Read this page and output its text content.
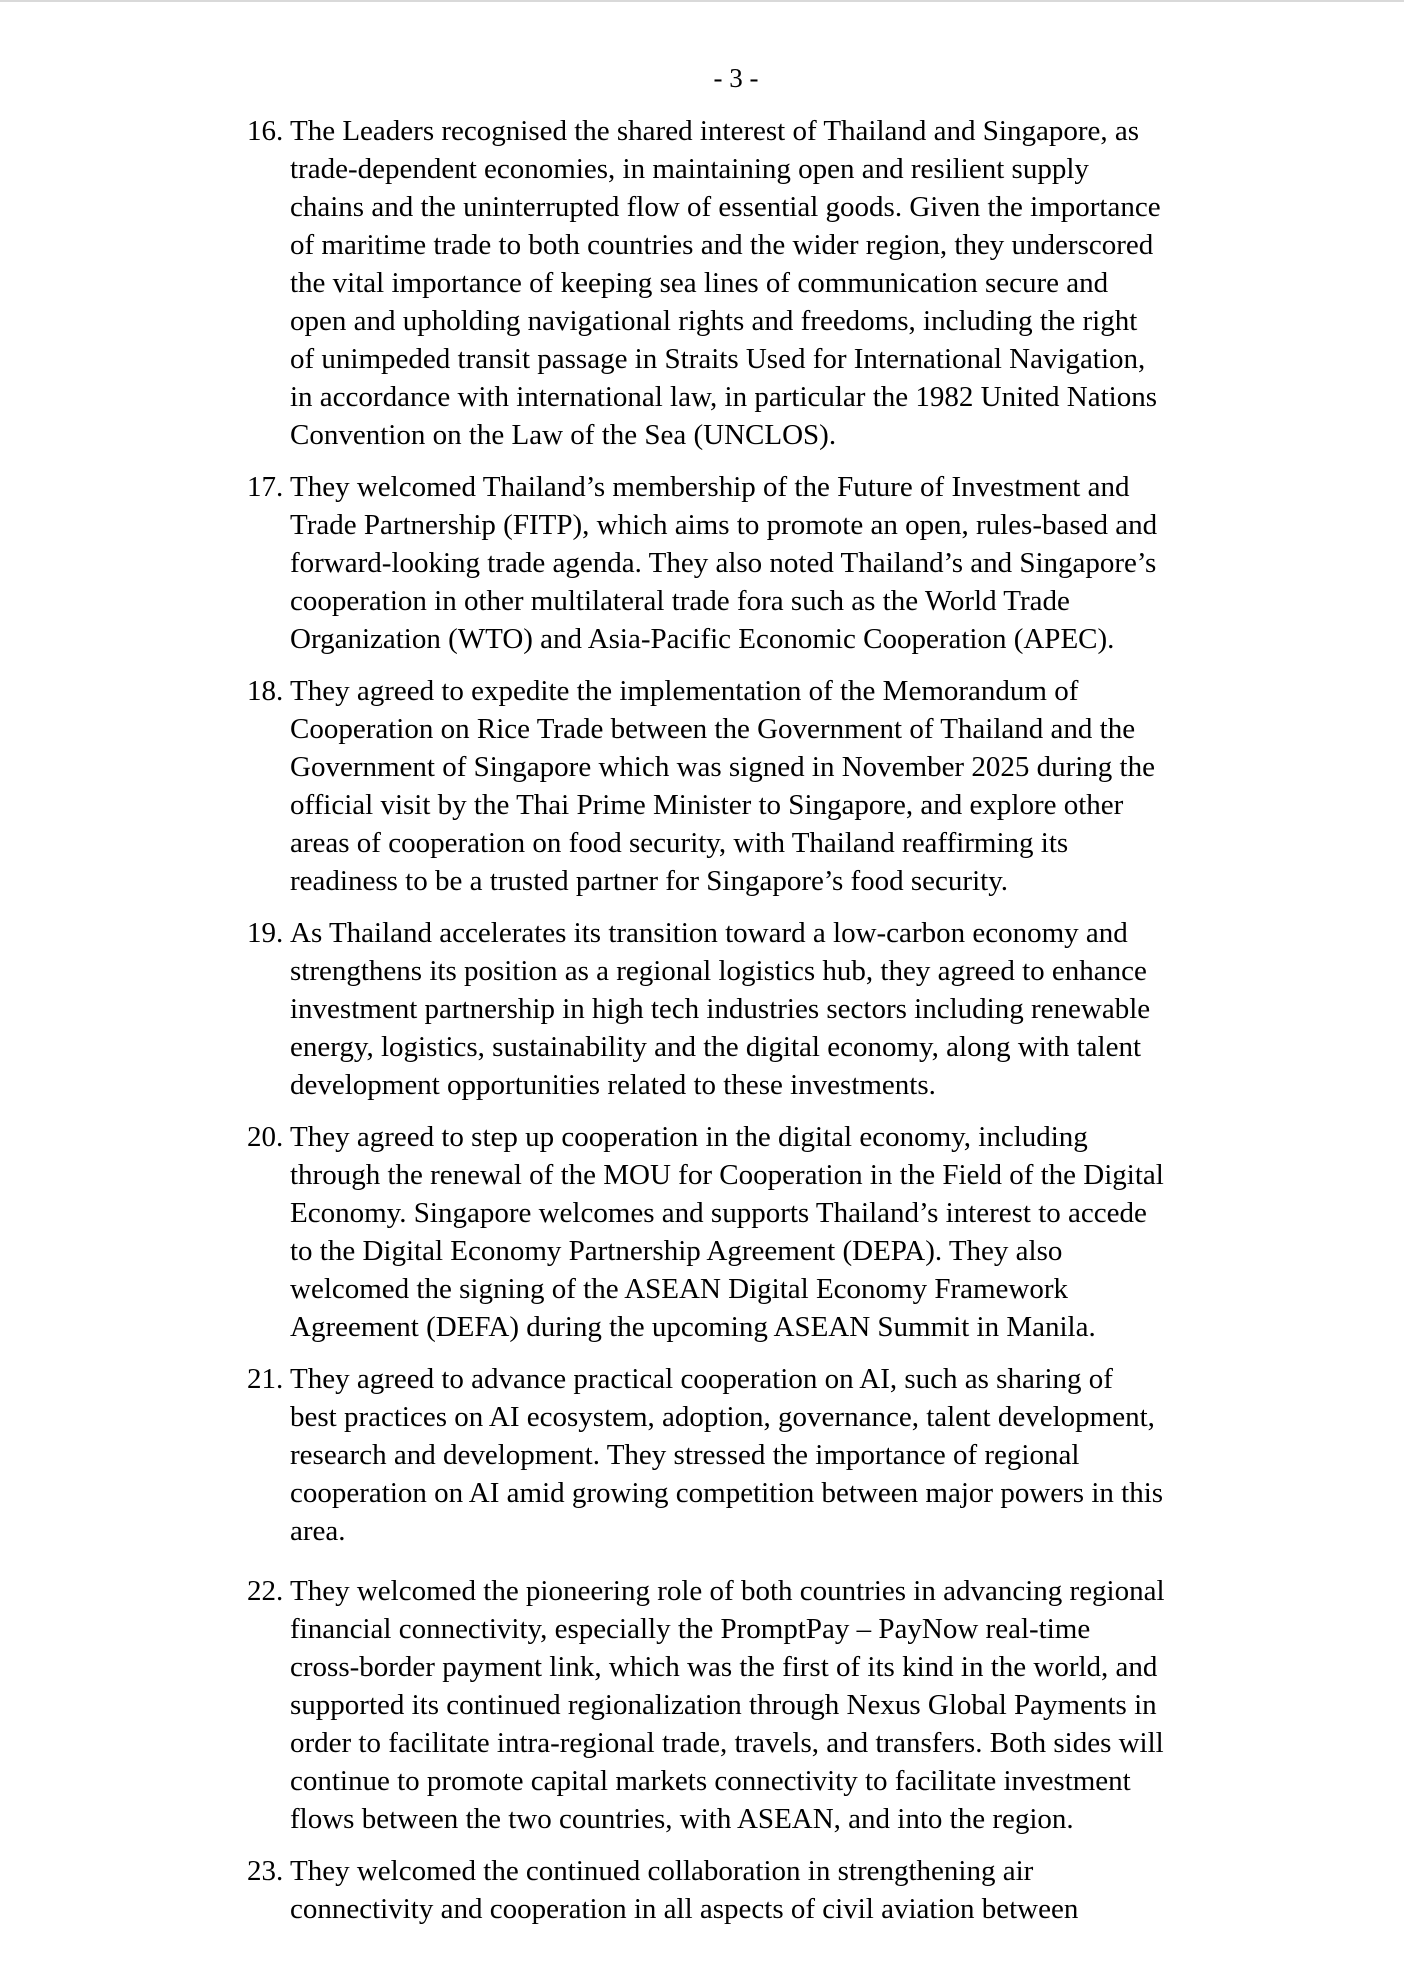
- 3 -
16. The Leaders recognised the shared interest of Thailand and Singapore, as
trade-dependent economies, in maintaining open and resilient supply
chains and the uninterrupted flow of essential goods. Given the importance
of maritime trade to both countries and the wider region, they underscored
the vital importance of keeping sea lines of communication secure and
open and upholding navigational rights and freedoms, including the right
of unimpeded transit passage in Straits Used for International Navigation,
in accordance with international law, in particular the 1982 United Nations
Convention on the Law of the Sea (UNCLOS).
17. They welcomed Thailand’s membership of the Future of Investment and
Trade Partnership (FITP), which aims to promote an open, rules-based and
forward-looking trade agenda. They also noted Thailand’s and Singapore’s
cooperation in other multilateral trade fora such as the World Trade
Organization (WTO) and Asia-Pacific Economic Cooperation (APEC).
18. They agreed to expedite the implementation of the Memorandum of
Cooperation on Rice Trade between the Government of Thailand and the
Government of Singapore which was signed in November 2025 during the
official visit by the Thai Prime Minister to Singapore, and explore other
areas of cooperation on food security, with Thailand reaffirming its
readiness to be a trusted partner for Singapore’s food security.
19. As Thailand accelerates its transition toward a low-carbon economy and
strengthens its position as a regional logistics hub, they agreed to enhance
investment partnership in high tech industries sectors including renewable
energy, logistics, sustainability and the digital economy, along with talent
development opportunities related to these investments.
20. They agreed to step up cooperation in the digital economy, including
through the renewal of the MOU for Cooperation in the Field of the Digital
Economy. Singapore welcomes and supports Thailand’s interest to accede
to the Digital Economy Partnership Agreement (DEPA). They also
welcomed the signing of the ASEAN Digital Economy Framework
Agreement (DEFA) during the upcoming ASEAN Summit in Manila.
21. They agreed to advance practical cooperation on AI, such as sharing of
best practices on AI ecosystem, adoption, governance, talent development,
research and development. They stressed the importance of regional
cooperation on AI amid growing competition between major powers in this
area.
22. They welcomed the pioneering role of both countries in advancing regional
financial connectivity, especially the PromptPay – PayNow real-time
cross-border payment link, which was the first of its kind in the world, and
supported its continued regionalization through Nexus Global Payments in
order to facilitate intra-regional trade, travels, and transfers. Both sides will
continue to promote capital markets connectivity to facilitate investment
flows between the two countries, with ASEAN, and into the region.
23. They welcomed the continued collaboration in strengthening air
connectivity and cooperation in all aspects of civil aviation between
